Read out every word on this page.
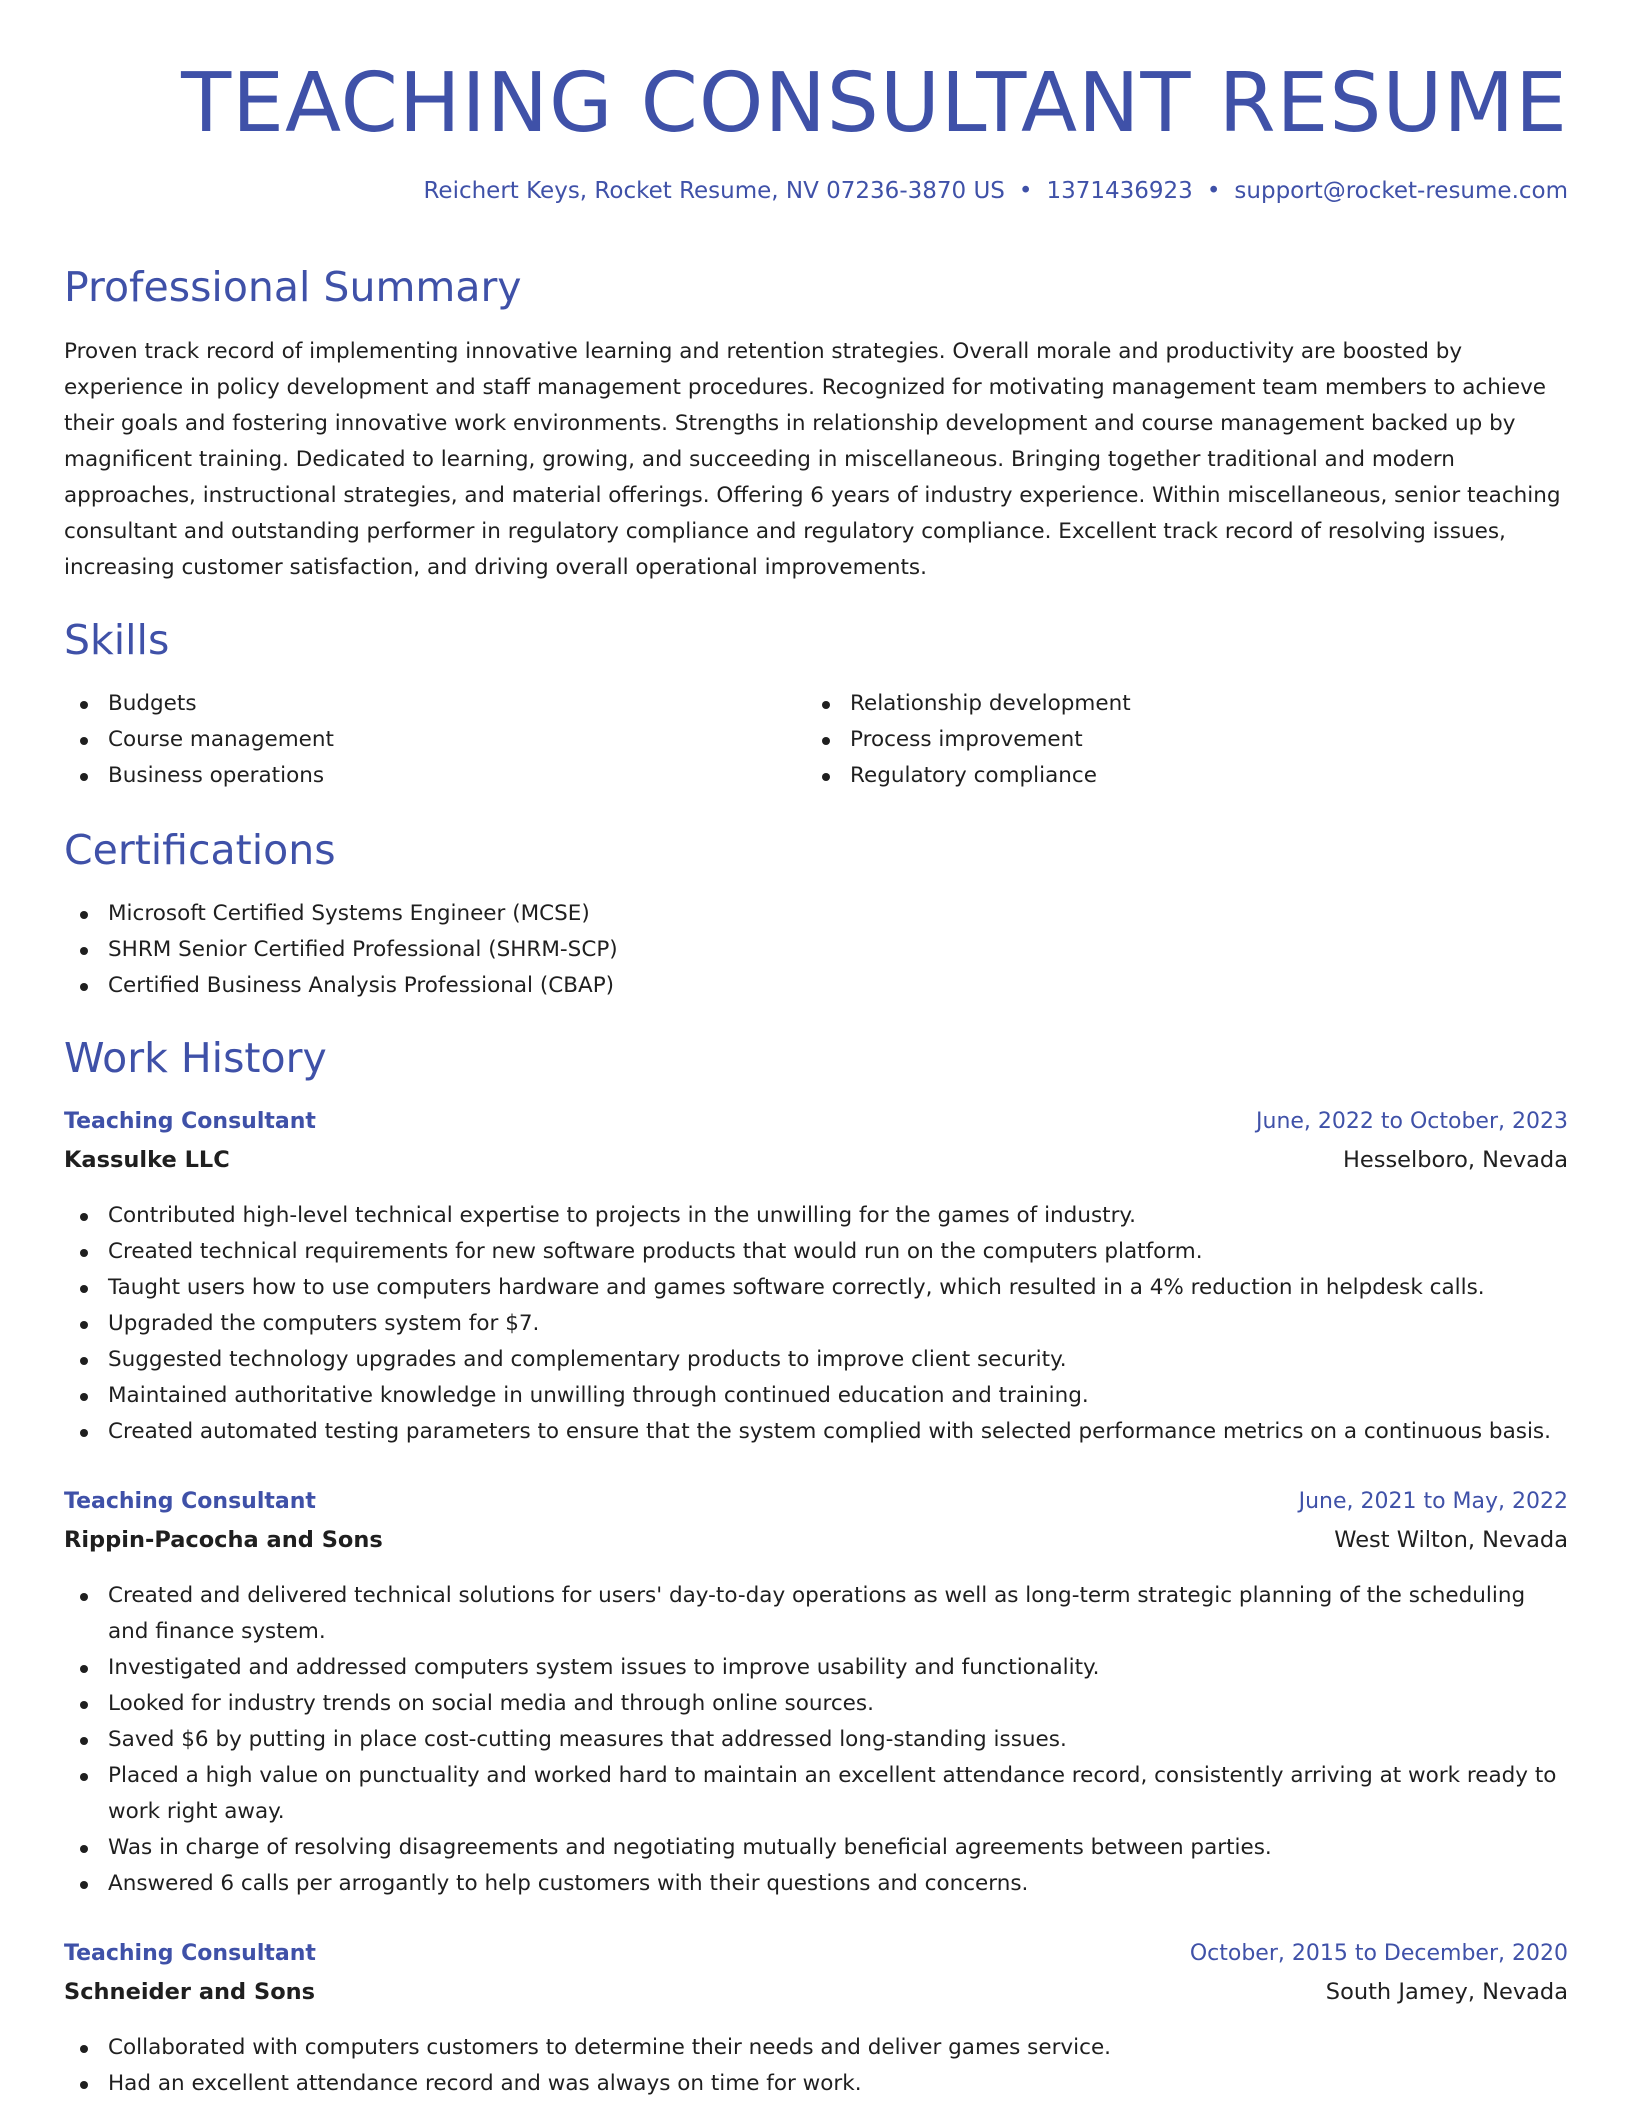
TEACHING CONSULTANT RESUME
Reichert Keys, Rocket Resume, NV 07236-3870 US • 1371436923 • support@rocket-resume.com
Professional Summary

Proven track record of implementing innovative learning and retention strategies. Overall morale and productivity are boosted by experience in policy development and staff management procedures. Recognized for motivating management team members to achieve their goals and fostering innovative work environments. Strengths in relationship development and course management backed up by magnificent training. Dedicated to learning, growing, and succeeding in miscellaneous. Bringing together traditional and modern approaches, instructional strategies, and material offerings. Offering 6 years of industry experience. Within miscellaneous, senior teaching consultant and outstanding performer in regulatory compliance and regulatory compliance. Excellent track record of resolving issues, increasing customer satisfaction, and driving overall operational improvements.

Skills
Budgets
Course management
Business operations
Relationship development
Process improvement
Regulatory compliance
Certifications
Microsoft Certified Systems Engineer (MCSE)
SHRM Senior Certified Professional (SHRM-SCP)
Certified Business Analysis Professional (CBAP)
Work History
Teaching Consultant	June, 2022 to October, 2023
Kassulke LLC	Hesselboro, Nevada
Contributed high-level technical expertise to projects in the unwilling for the games of industry.
Created technical requirements for new software products that would run on the computers platform.
Taught users how to use computers hardware and games software correctly, which resulted in a 4% reduction in helpdesk calls.
Upgraded the computers system for $7.
Suggested technology upgrades and complementary products to improve client security.
Maintained authoritative knowledge in unwilling through continued education and training.
Created automated testing parameters to ensure that the system complied with selected performance metrics on a continuous basis.
Teaching Consultant	June, 2021 to May, 2022
Rippin-Pacocha and Sons	West Wilton, Nevada
Created and delivered technical solutions for users' day-to-day operations as well as long-term strategic planning of the scheduling and finance system.
Investigated and addressed computers system issues to improve usability and functionality.
Looked for industry trends on social media and through online sources.
Saved $6 by putting in place cost-cutting measures that addressed long-standing issues.
Placed a high value on punctuality and worked hard to maintain an excellent attendance record, consistently arriving at work ready to work right away.
Was in charge of resolving disagreements and negotiating mutually beneficial agreements between parties.
Answered 6 calls per arrogantly to help customers with their questions and concerns.
Teaching Consultant	October, 2015 to December, 2020
Schneider and Sons	South Jamey, Nevada
Collaborated with computers customers to determine their needs and deliver games service.
Had an excellent attendance record and was always on time for work.
